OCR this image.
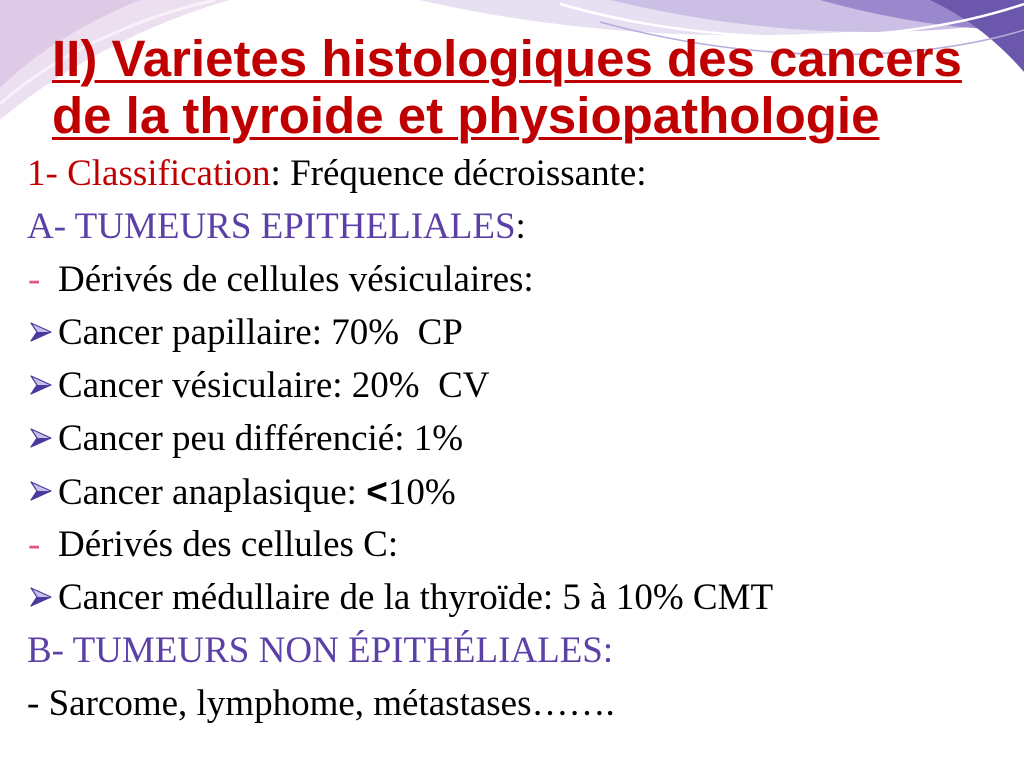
II) Varietes histologiques des cancers
de la thyroide et physiopathologie
1- Classification: Fréquence décroissante:
A- TUMEURS EPITHELIALES:
- Dérivés de cellules vésiculaires:
Cancer papillaire: 70%  CP
Cancer vésiculaire: 20%  CV
Cancer peu différencié: 1%
Cancer anaplasique: <10%
- Dérivés des cellules C:
Cancer médullaire de la thyroïde: 5 à 10% CMT
B- TUMEURS NON ÉPITHÉLIALES:
- Sarcome, lymphome, métastases…….
